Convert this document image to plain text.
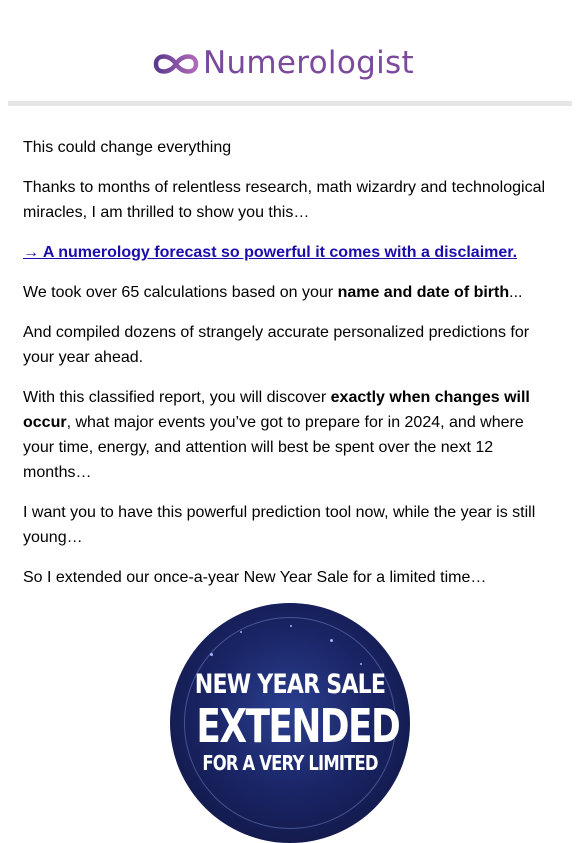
Numerologist

This could change everything

Thanks to months of relentless research, math wizardry and technological miracles, I am thrilled to show you this…

→ A numerology forecast so powerful it comes with a disclaimer.

We took over 65 calculations based on your name and date of birth...

And compiled dozens of strangely accurate personalized predictions for your year ahead.

With this classified report, you will discover exactly when changes will occur, what major events you’ve got to prepare for in 2024, and where your time, energy, and attention will best be spent over the next 12 months…

I want you to have this powerful prediction tool now, while the year is still young…

So I extended our once-a-year New Year Sale for a limited time…

NEW YEAR SALE
EXTENDED
FOR A VERY LIMITED
